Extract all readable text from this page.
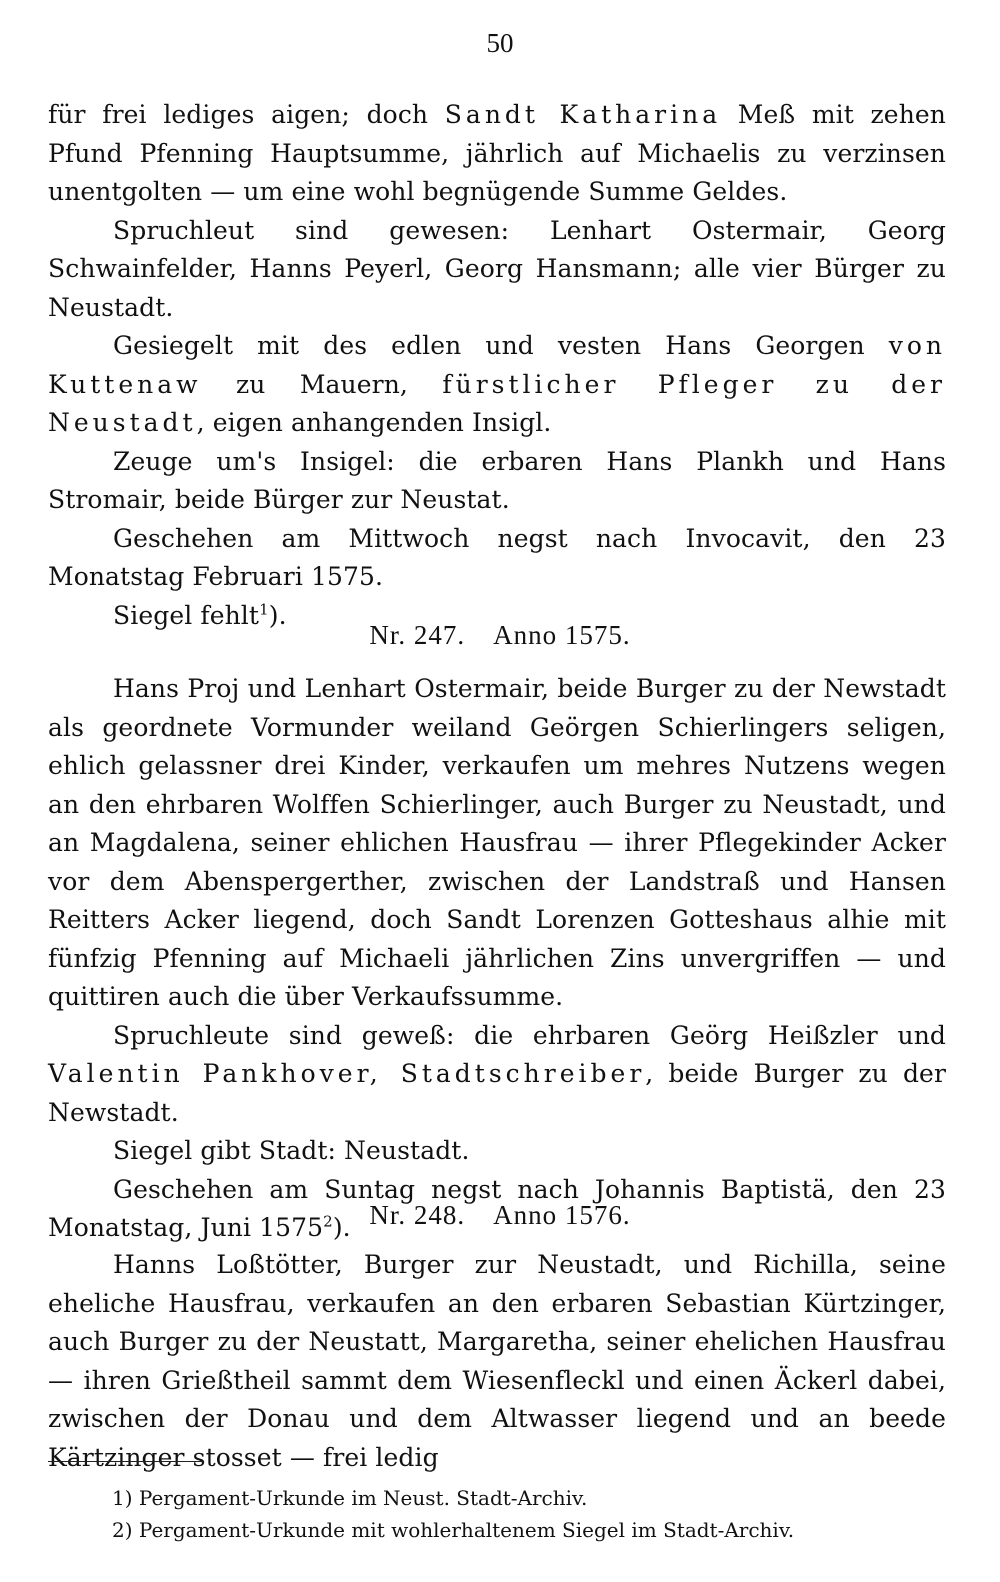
50

für frei lediges aigen; doch Sandt Katharina Meß mit zehen Pfund Pfenning Hauptsumme, jährlich auf Michaelis zu verzinsen unentgolten — um eine wohl begnügende Summe Geldes.

Spruchleut sind gewesen: Lenhart Ostermair, Georg Schwainfelder, Hanns Peyerl, Georg Hansmann; alle vier Bürger zu Neustadt.

Gesiegelt mit des edlen und vesten Hans Georgen von Kuttenaw zu Mauern, fürstlicher Pfleger zu der Neustadt, eigen anhangenden Insigl.

Zeuge um's Insigel: die erbaren Hans Plankh und Hans Stromair, beide Bürger zur Neustat.

Geschehen am Mittwoch negst nach Invocavit, den 23 Monatstag Februari 1575.

Siegel fehlt$^1$).

Nr. 247. Anno 1575.

Hans Proj und Lenhart Ostermair, beide Burger zu der Newstadt als geordnete Vormunder weiland Geörgen Schierlingers seligen, ehlich gelassner drei Kinder, verkaufen um mehres Nutzens wegen an den ehrbaren Wolffen Schierlinger, auch Burger zu Neustadt, und an Magdalena, seiner ehlichen Hausfrau — ihrer Pflegekinder Acker vor dem Abenspergerther, zwischen der Landstraß und Hansen Reitters Acker liegend, doch Sandt Lorenzen Gotteshaus alhie mit fünfzig Pfenning auf Michaeli jährlichen Zins unvergriffen — und quittiren auch die über Verkaufssumme.

Spruchleute sind geweß: die ehrbaren Geörg Heißzler und Valentin Pankhover, Stadtschreiber, beide Burger zu der Newstadt.

Siegel gibt Stadt: Neustadt.

Geschehen am Suntag negst nach Johannis Baptistä, den 23 Monatstag, Juni 1575$^2$). Nr. 248. Anno 1576.

Hanns Loßtötter, Burger zur Neustadt, und Richilla, seine eheliche Hausfrau, verkaufen an den erbaren Sebastian Kürtzinger, auch Burger zu der Neustatt, Margaretha, seiner ehelichen Hausfrau — ihren Grießtheil sammt dem Wiesenfleckl und einen Äckerl dabei, zwischen der Donau und dem Altwasser liegend und an beede Kärtzinger stosset — frei ledig

1) Pergament-Urkunde im Neust. Stadt-Archiv.

2) Pergament-Urkunde mit wohlerhaltenem Siegel im Stadt-Archiv.
